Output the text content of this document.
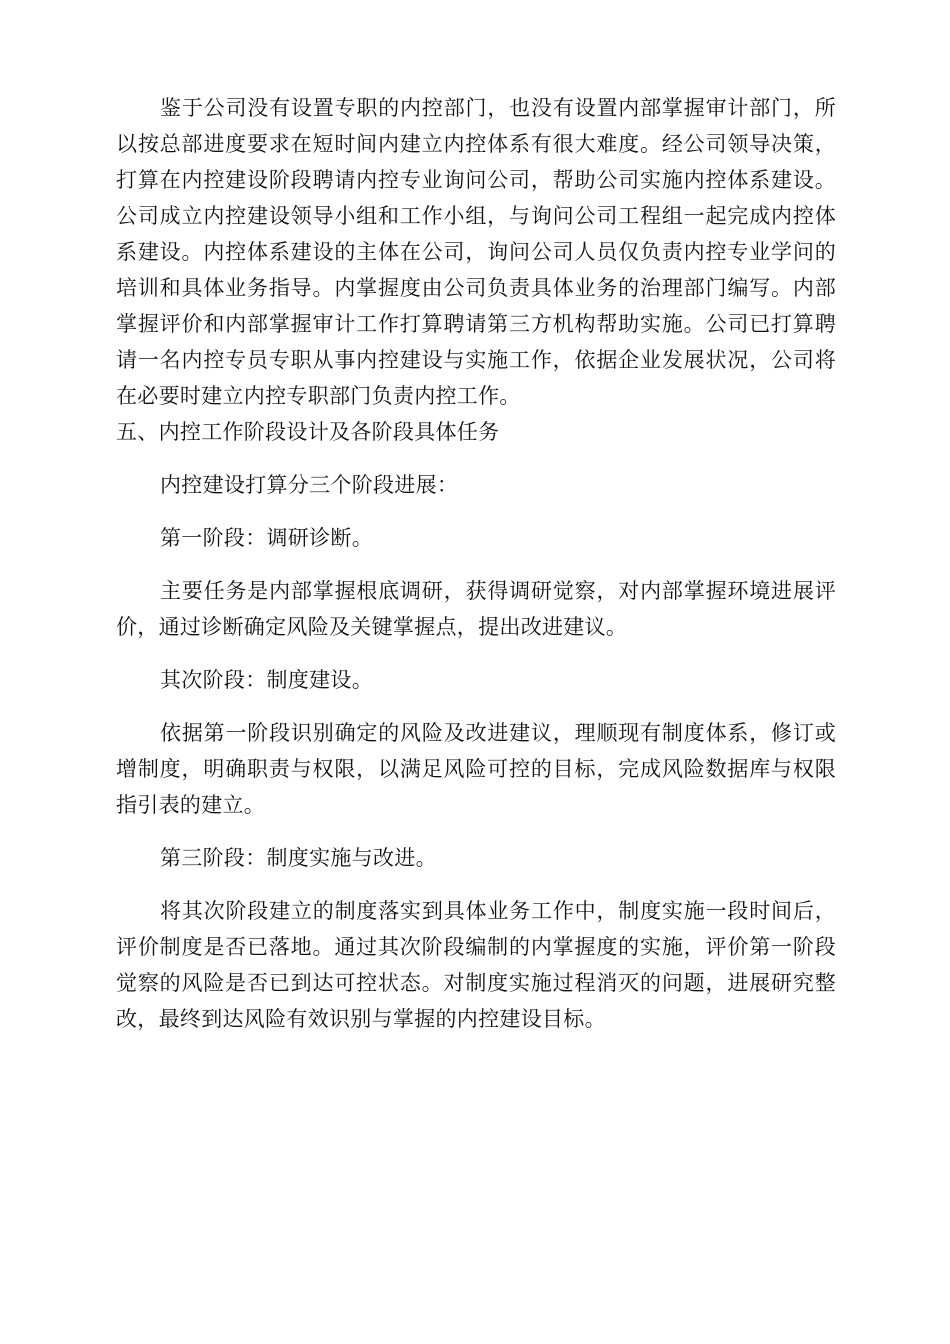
鉴于公司没有设置专职的内控部门，也没有设置内部掌握审计部门，所以按总部进度要求在短时间内建立内控体系有很大难度。经公司领导决策，打算在内控建设阶段聘请内控专业询问公司，帮助公司实施内控体系建设。公司成立内控建设领导小组和工作小组，与询问公司工程组一起完成内控体系建设。内控体系建设的主体在公司，询问公司人员仅负责内控专业学问的培训和具体业务指导。内掌握度由公司负责具体业务的治理部门编写。内部掌握评价和内部掌握审计工作打算聘请第三方机构帮助实施。公司已打算聘请一名内控专员专职从事内控建设与实施工作，依据企业发展状况，公司将在必要时建立内控专职部门负责内控工作。

五、内控工作阶段设计及各阶段具体任务

内控建设打算分三个阶段进展：

第一阶段：调研诊断。

主要任务是内部掌握根底调研，获得调研觉察，对内部掌握环境进展评价，通过诊断确定风险及关键掌握点，提出改进建议。

其次阶段：制度建设。

依据第一阶段识别确定的风险及改进建议，理顺现有制度体系，修订或增制度，明确职责与权限，以满足风险可控的目标，完成风险数据库与权限指引表的建立。

第三阶段：制度实施与改进。

将其次阶段建立的制度落实到具体业务工作中，制度实施一段时间后，评价制度是否已落地。通过其次阶段编制的内掌握度的实施，评价第一阶段觉察的风险是否已到达可控状态。对制度实施过程消灭的问题，进展研究整改，最终到达风险有效识别与掌握的内控建设目标。
